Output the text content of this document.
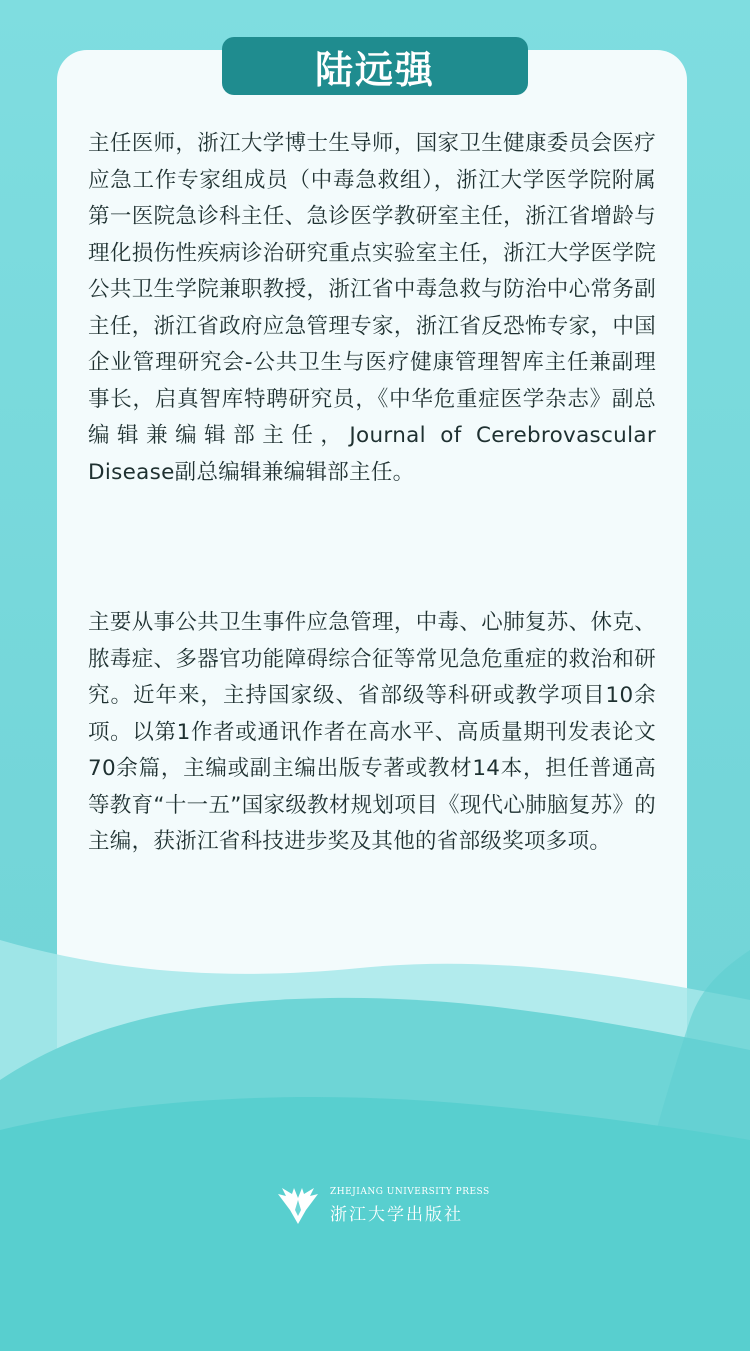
陆远强
主任医师，浙江大学博士生导师，国家卫生健康委员会医疗应急工作专家组成员（中毒急救组），浙江大学医学院附属第一医院急诊科主任、急诊医学教研室主任，浙江省增龄与理化损伤性疾病诊治研究重点实验室主任，浙江大学医学院公共卫生学院兼职教授，浙江省中毒急救与防治中心常务副主任，浙江省政府应急管理专家，浙江省反恐怖专家，中国企业管理研究会-公共卫生与医疗健康管理智库主任兼副理事长，启真智库特聘研究员，《中华危重症医学杂志》副总编辑兼编辑部主任，Journal of Cerebrovascular Disease副总编辑兼编辑部主任。
主要从事公共卫生事件应急管理，中毒、心肺复苏、休克、脓毒症、多器官功能障碍综合征等常见急危重症的救治和研究。近年来，主持国家级、省部级等科研或教学项目10余项。以第1作者或通讯作者在高水平、高质量期刊发表论文70余篇，主编或副主编出版专著或教材14本，担任普通高等教育“十一五”国家级教材规划项目《现代心肺脑复苏》的主编，获浙江省科技进步奖及其他的省部级奖项多项。
ZHEJIANG UNIVERSITY PRESS
浙江大学出版社
